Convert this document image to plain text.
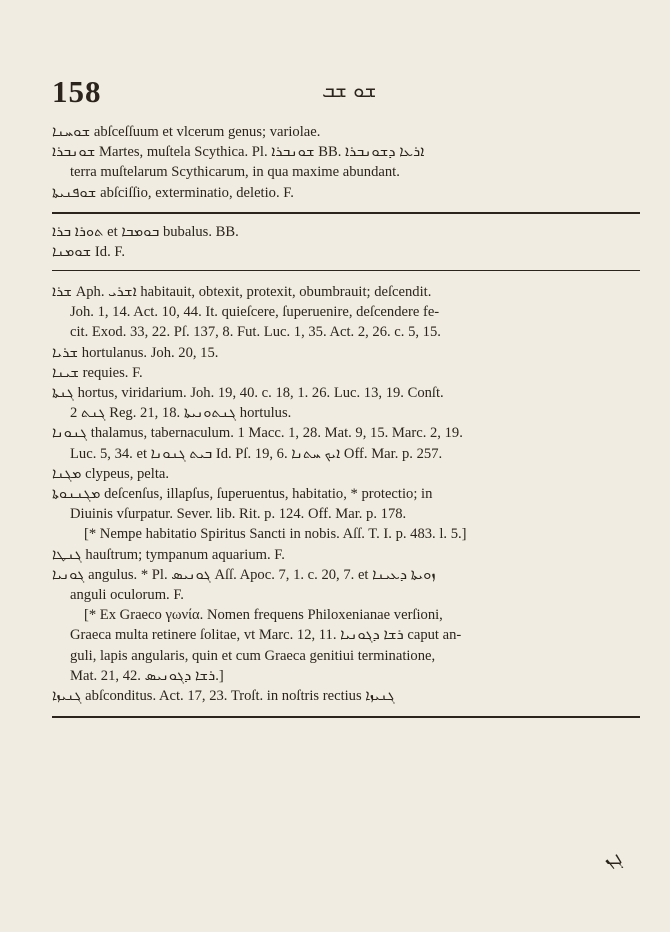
158	ܫܘ ܫܒ
ܫܘܚܢܐ abſceſſuum et vlcerum genus; variolae.
ܫܘܢܒܪܐ Martes, muſtela Scythica. Pl. ܫܘܢܒܪܐ BB. ܐܪܥܐ ܕܫܘܢܒܪܐ
terra muſtelarum Scythicarum, in qua maxime abundant.
ܫܘܦܢܝܬܐ abſciſſio, exterminatio, deletio. F.
ܬܘܪܐ ܒܪܐ et ܒܘܡܒܐ bubalus. BB.
ܫܘܡܢܐ Id. F.
ܫܪܐ Aph. ܐܫܪܝ habitauit, obtexit, protexit, obumbrauit; deſcendit.
Joh. 1, 14. Act. 10, 44. It. quieſcere, ſuperuenire, deſcendere fe-
cit. Exod. 33, 22. Pſ. 137, 8. Fut. Luc. 1, 35. Act. 2, 26. c. 5, 15.
ܫܪܝܐ hortulanus. Joh. 20, 15.
ܫܝܢܐ requies. F.
ܓܢܬܐ hortus, viridarium. Joh. 19, 40. c. 18, 1. 26. Luc. 13, 19. Conſt.
ܓܢܬ 2 Reg. 21, 18. ܓܢܬܘܢܝܬܐ hortulus.
ܓܢܘܢܐ thalamus, tabernaculum. 1 Macc. 1, 28. Mat. 9, 15. Marc. 2, 19.
Luc. 5, 34. et ܒܝܬ ܓܢܘܢܐ Id. Pſ. 19, 6. ܐܝܟ ܚܬܢܐ Off. Mar. p. 257.
ܡܓܢܐ clypeus, pelta.
ܡܓܢܢܘܬܐ deſcenſus, illapſus, ſuperuentus, habitatio, * protectio; in
Diuinis vſurpatur. Sever. lib. Rit. p. 124. Off. Mar. p. 178.
[* Nempe habitatio Spiritus Sancti in nobis. Aſſ. T. I. p. 483. l. 5.]
ܓܢܛܐ hauſtrum; tympanum aquarium. F.
ܓܘܢܝܐ angulus. * Pl. ܓܘܢܝܣ Aſſ. Apoc. 7, 1. c. 20, 7. et ܙܘܝܬܐ ܕܥܝܢܐ
anguli oculorum. F.
[* Ex Graeco γωνία. Nomen frequens Philoxenianae verſioni,
Graeca multa retinere ſolitae, vt Marc. 12, 11. ܪܫܐ ܕܓܘܢܝܐ caput an-
guli, lapis angularis, quin et cum Graeca genitiui terminatione,
Mat. 21, 42. ܪܫܐ ܕܓܘܢܝܣ.]
ܓܢܝܙܐ abſconditus. Act. 17, 23. Troſt. in noſtris rectius ܓܢܝܙܐ
ܓܢ
